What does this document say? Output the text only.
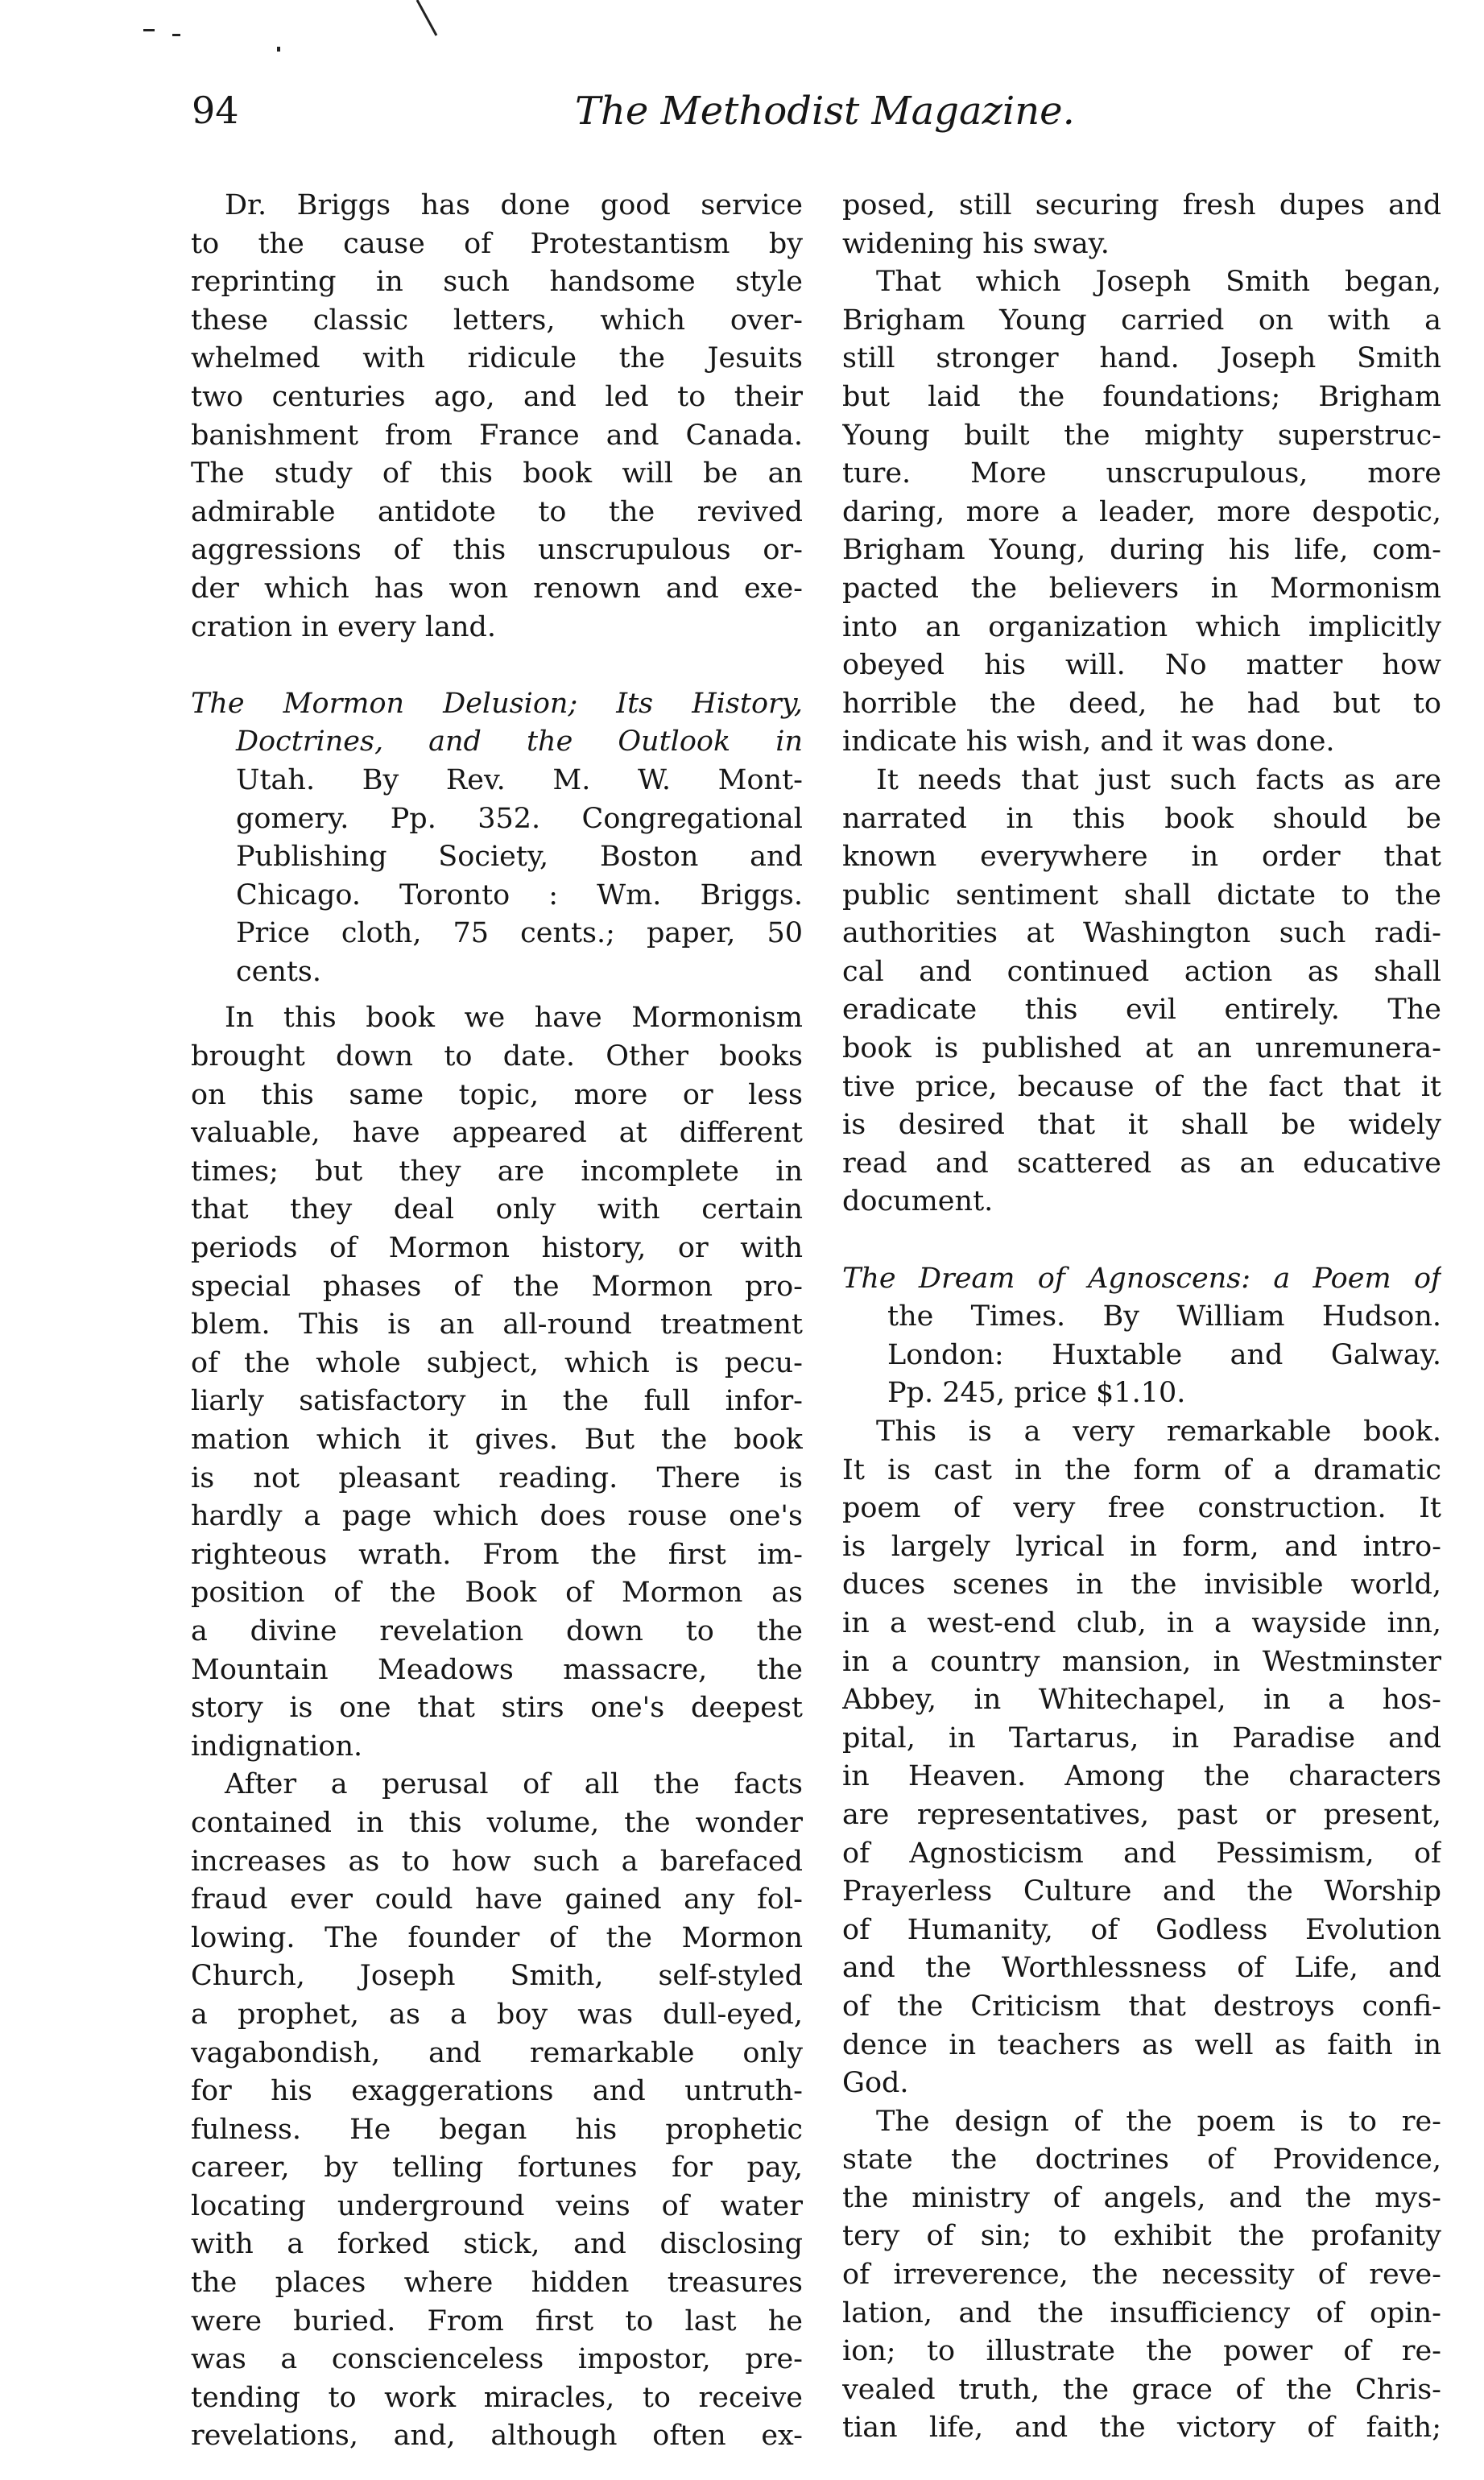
94	The Methodist Magazine.
Dr. Briggs has done good service
to the cause of Protestantism by
reprinting in such handsome style
these classic letters, which over-
whelmed with ridicule the Jesuits
two centuries ago, and led to their
banishment from France and Canada.
The study of this book will be an
admirable antidote to the revived
aggressions of this unscrupulous or-
der which has won renown and exe-
cration in every land.
The Mormon Delusion; Its History,
Doctrines, and the Outlook in
Utah. By Rev. M. W. Mont-
gomery. Pp. 352. Congregational
Publishing Society, Boston and
Chicago. Toronto : Wm. Briggs.
Price cloth, 75 cents.; paper, 50
cents.
In this book we have Mormonism
brought down to date. Other books
on this same topic, more or less
valuable, have appeared at different
times; but they are incomplete in
that they deal only with certain
periods of Mormon history, or with
special phases of the Mormon pro-
blem. This is an all-round treatment
of the whole subject, which is pecu-
liarly satisfactory in the full infor-
mation which it gives. But the book
is not pleasant reading. There is
hardly a page which does rouse one's
righteous wrath. From the first im-
position of the Book of Mormon as
a divine revelation down to the
Mountain Meadows massacre, the
story is one that stirs one's deepest
indignation.
After a perusal of all the facts
contained in this volume, the wonder
increases as to how such a barefaced
fraud ever could have gained any fol-
lowing. The founder of the Mormon
Church, Joseph Smith, self-styled
a prophet, as a boy was dull-eyed,
vagabondish, and remarkable only
for his exaggerations and untruth-
fulness. He began his prophetic
career, by telling fortunes for pay,
locating underground veins of water
with a forked stick, and disclosing
the places where hidden treasures
were buried. From first to last he
was a conscienceless impostor, pre-
tending to work miracles, to receive
revelations, and, although often ex-
posed, still securing fresh dupes and
widening his sway.
That which Joseph Smith began,
Brigham Young carried on with a
still stronger hand. Joseph Smith
but laid the foundations; Brigham
Young built the mighty superstruc-
ture. More unscrupulous, more
daring, more a leader, more despotic,
Brigham Young, during his life, com-
pacted the believers in Mormonism
into an organization which implicitly
obeyed his will. No matter how
horrible the deed, he had but to
indicate his wish, and it was done.
It needs that just such facts as are
narrated in this book should be
known everywhere in order that
public sentiment shall dictate to the
authorities at Washington such radi-
cal and continued action as shall
eradicate this evil entirely. The
book is published at an unremunera-
tive price, because of the fact that it
is desired that it shall be widely
read and scattered as an educative
document.
The Dream of Agnoscens: a Poem of
the Times. By William Hudson.
London: Huxtable and Galway.
Pp. 245, price $1.10.
This is a very remarkable book.
It is cast in the form of a dramatic
poem of very free construction. It
is largely lyrical in form, and intro-
duces scenes in the invisible world,
in a west-end club, in a wayside inn,
in a country mansion, in Westminster
Abbey, in Whitechapel, in a hos-
pital, in Tartarus, in Paradise and
in Heaven. Among the characters
are representatives, past or present,
of Agnosticism and Pessimism, of
Prayerless Culture and the Worship
of Humanity, of Godless Evolution
and the Worthlessness of Life, and
of the Criticism that destroys confi-
dence in teachers as well as faith in
God.
The design of the poem is to re-
state the doctrines of Providence,
the ministry of angels, and the mys-
tery of sin; to exhibit the profanity
of irreverence, the necessity of reve-
lation, and the insufficiency of opin-
ion; to illustrate the power of re-
vealed truth, the grace of the Chris-
tian life, and the victory of faith;
